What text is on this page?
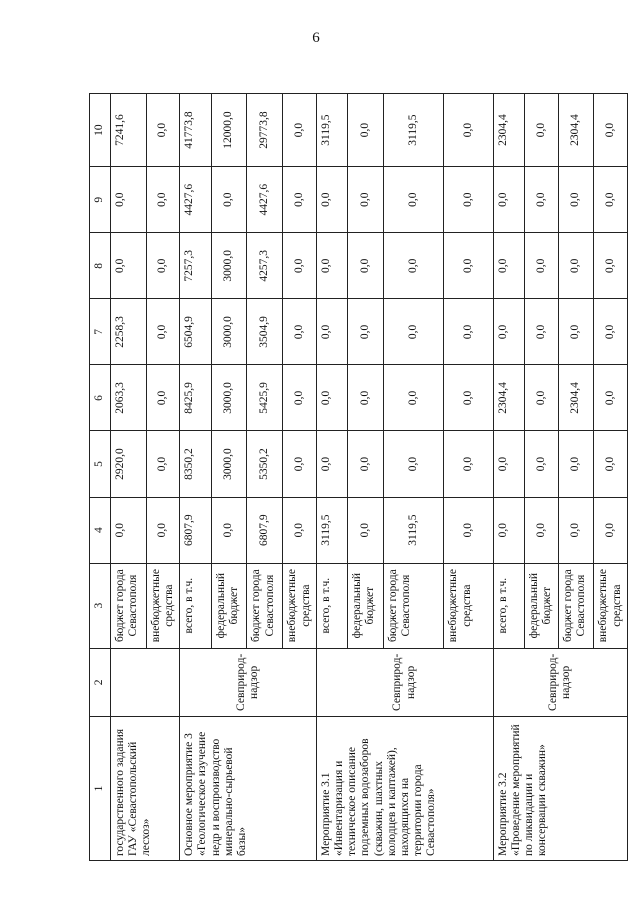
6
1	2	3	4	5	6	7	8	9	10
государственного задания ГАУ «Севастопольский лесхоз»		бюджет города Севастополя	0,0	2920,0	2063,3	2258,3	0,0	0,0	7241,6
		внебюджетные средства	0,0	0,0	0,0	0,0	0,0	0,0	0,0
Основное мероприятие 3 «Геологическое изучение недр и воспроизводство минерально-сырьевой базы»	Севприрод-надзор	всего, в т.ч.	6807,9	8350,2	8425,9	6504,9	7257,3	4427,6	41773,8
		федеральный бюджет	0,0	3000,0	3000,0	3000,0	3000,0	0,0	12000,0
		бюджет города Севастополя	6807,9	5350,2	5425,9	3504,9	4257,3	4427,6	29773,8
		внебюджетные средства	0,0	0,0	0,0	0,0	0,0	0,0	0,0
Мероприятие 3.1 «Инвентаризация и техническое описание подземных водозаборов (скважин, шахтных колодцев и каптажей), находящихся на территории города Севастополя»	Севприрод-надзор	всего, в т.ч.	3119,5	0,0	0,0	0,0	0,0	0,0	3119,5
		федеральный бюджет	0,0	0,0	0,0	0,0	0,0	0,0	0,0
		бюджет города Севастополя	3119,5	0,0	0,0	0,0	0,0	0,0	3119,5
		внебюджетные средства	0,0	0,0	0,0	0,0	0,0	0,0	0,0
Мероприятие 3.2 «Проведение мероприятий по ликвидации и консервации скважин»	Севприрод-надзор	всего, в т.ч.	0,0	0,0	2304,4	0,0	0,0	0,0	2304,4
		федеральный бюджет	0,0	0,0	0,0	0,0	0,0	0,0	0,0
		бюджет города Севастополя	0,0	0,0	2304,4	0,0	0,0	0,0	2304,4
		внебюджетные средства	0,0	0,0	0,0	0,0	0,0	0,0	0,0
